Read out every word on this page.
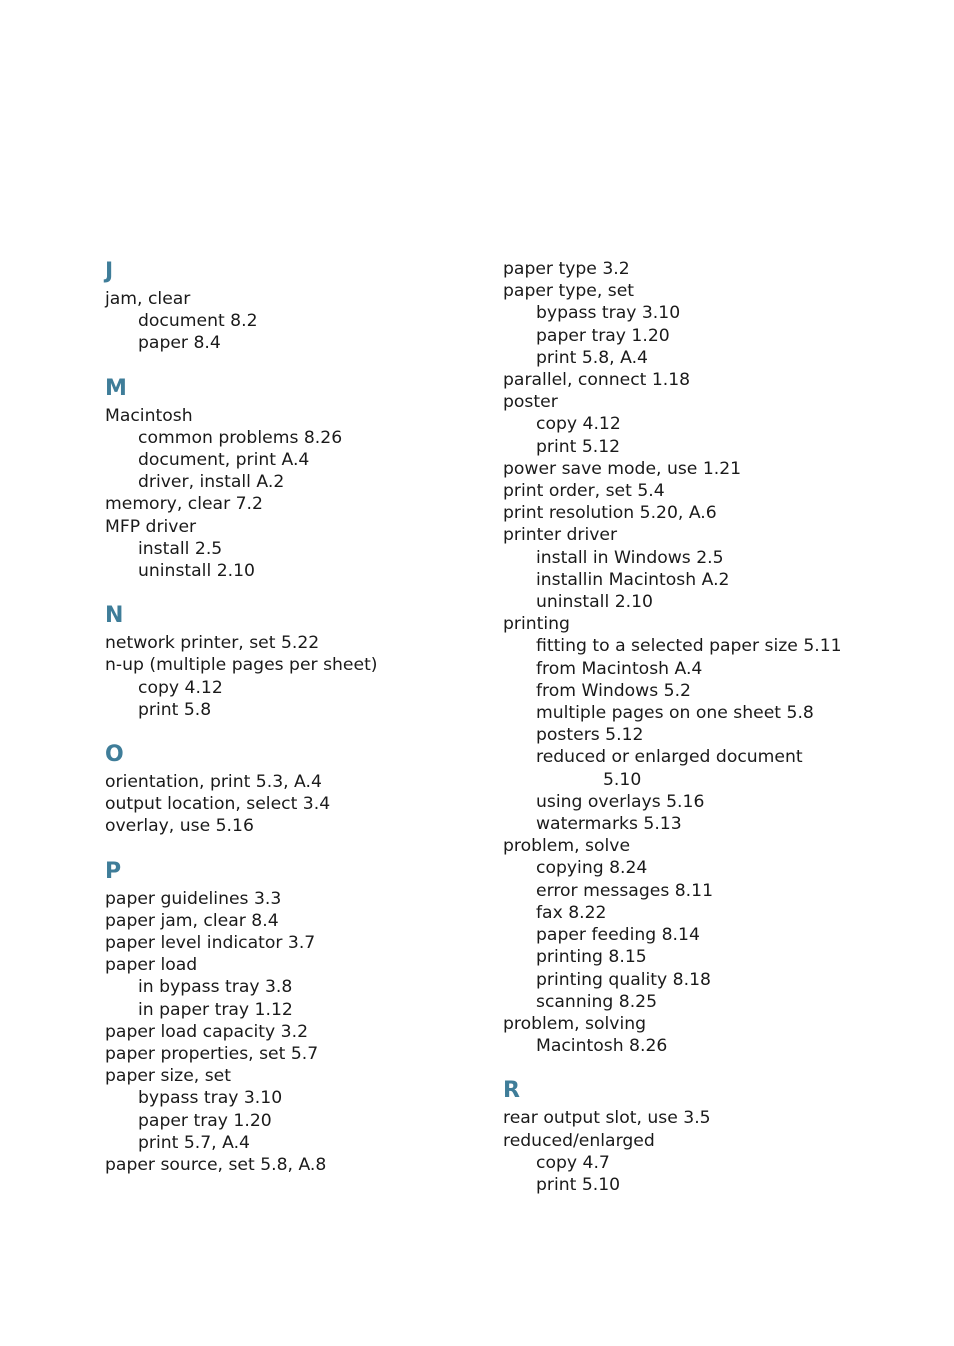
J
jam, clear
document 8.2
paper 8.4
M
Macintosh
common problems 8.26
document, print A.4
driver, install A.2
memory, clear 7.2
MFP driver
install 2.5
uninstall 2.10
N
network printer, set 5.22
n-up (multiple pages per sheet)
copy 4.12
print 5.8
O
orientation, print 5.3, A.4
output location, select 3.4
overlay, use 5.16
P
paper guidelines 3.3
paper jam, clear 8.4
paper level indicator 3.7
paper load
in bypass tray 3.8
in paper tray 1.12
paper load capacity 3.2
paper properties, set 5.7
paper size, set
bypass tray 3.10
paper tray 1.20
print 5.7, A.4
paper source, set 5.8, A.8
paper type 3.2
paper type, set
bypass tray 3.10
paper tray 1.20
print 5.8, A.4
parallel, connect 1.18
poster
copy 4.12
print 5.12
power save mode, use 1.21
print order, set 5.4
print resolution 5.20, A.6
printer driver
install in Windows 2.5
installin Macintosh A.2
uninstall 2.10
printing
fitting to a selected paper size 5.11
from Macintosh A.4
from Windows 5.2
multiple pages on one sheet 5.8
posters 5.12
reduced or enlarged document
5.10
using overlays 5.16
watermarks 5.13
problem, solve
copying 8.24
error messages 8.11
fax 8.22
paper feeding 8.14
printing 8.15
printing quality 8.18
scanning 8.25
problem, solving
Macintosh 8.26
R
rear output slot, use 3.5
reduced/enlarged
copy 4.7
print 5.10
